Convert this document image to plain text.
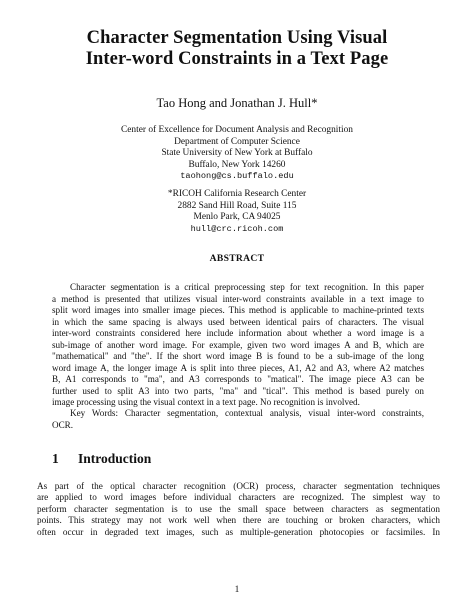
Character Segmentation Using Visual
Inter-word Constraints in a Text Page
Tao Hong and Jonathan J. Hull*
Center of Excellence for Document Analysis and Recognition
Department of Computer Science
State University of New York at Buffalo
Buffalo, New York 14260
taohong@cs.buffalo.edu
*RICOH California Research Center
2882 Sand Hill Road, Suite 115
Menlo Park, CA 94025
hull@crc.ricoh.com
ABSTRACT
Character segmentation is a critical preprocessing step for text recognition. In this paper
a method is presented that utilizes visual inter-word constraints available in a text image to
split word images into smaller image pieces. This method is applicable to machine-printed texts
in which the same spacing is always used between identical pairs of characters. The visual
inter-word constraints considered here include information about whether a word image is a
sub-image of another word image. For example, given two word images A and B, which are
"mathematical" and "the". If the short word image B is found to be a sub-image of the long
word image A, the longer image A is split into three pieces, A1, A2 and A3, where A2 matches
B, A1 corresponds to "ma", and A3 corresponds to "matical". The image piece A3 can be
further used to split A3 into two parts, "ma" and "tical". This method is based purely on
image processing using the visual context in a text page. No recognition is involved.
Key Words: Character segmentation, contextual analysis, visual inter-word constraints,
OCR.
1 Introduction
As part of the optical character recognition (OCR) process, character segmentation techniques
are applied to word images before individual characters are recognized. The simplest way to
perform character segmentation is to use the small space between characters as segmentation
points. This strategy may not work well when there are touching or broken characters, which
often occur in degraded text images, such as multiple-generation photocopies or facsimiles. In
1
